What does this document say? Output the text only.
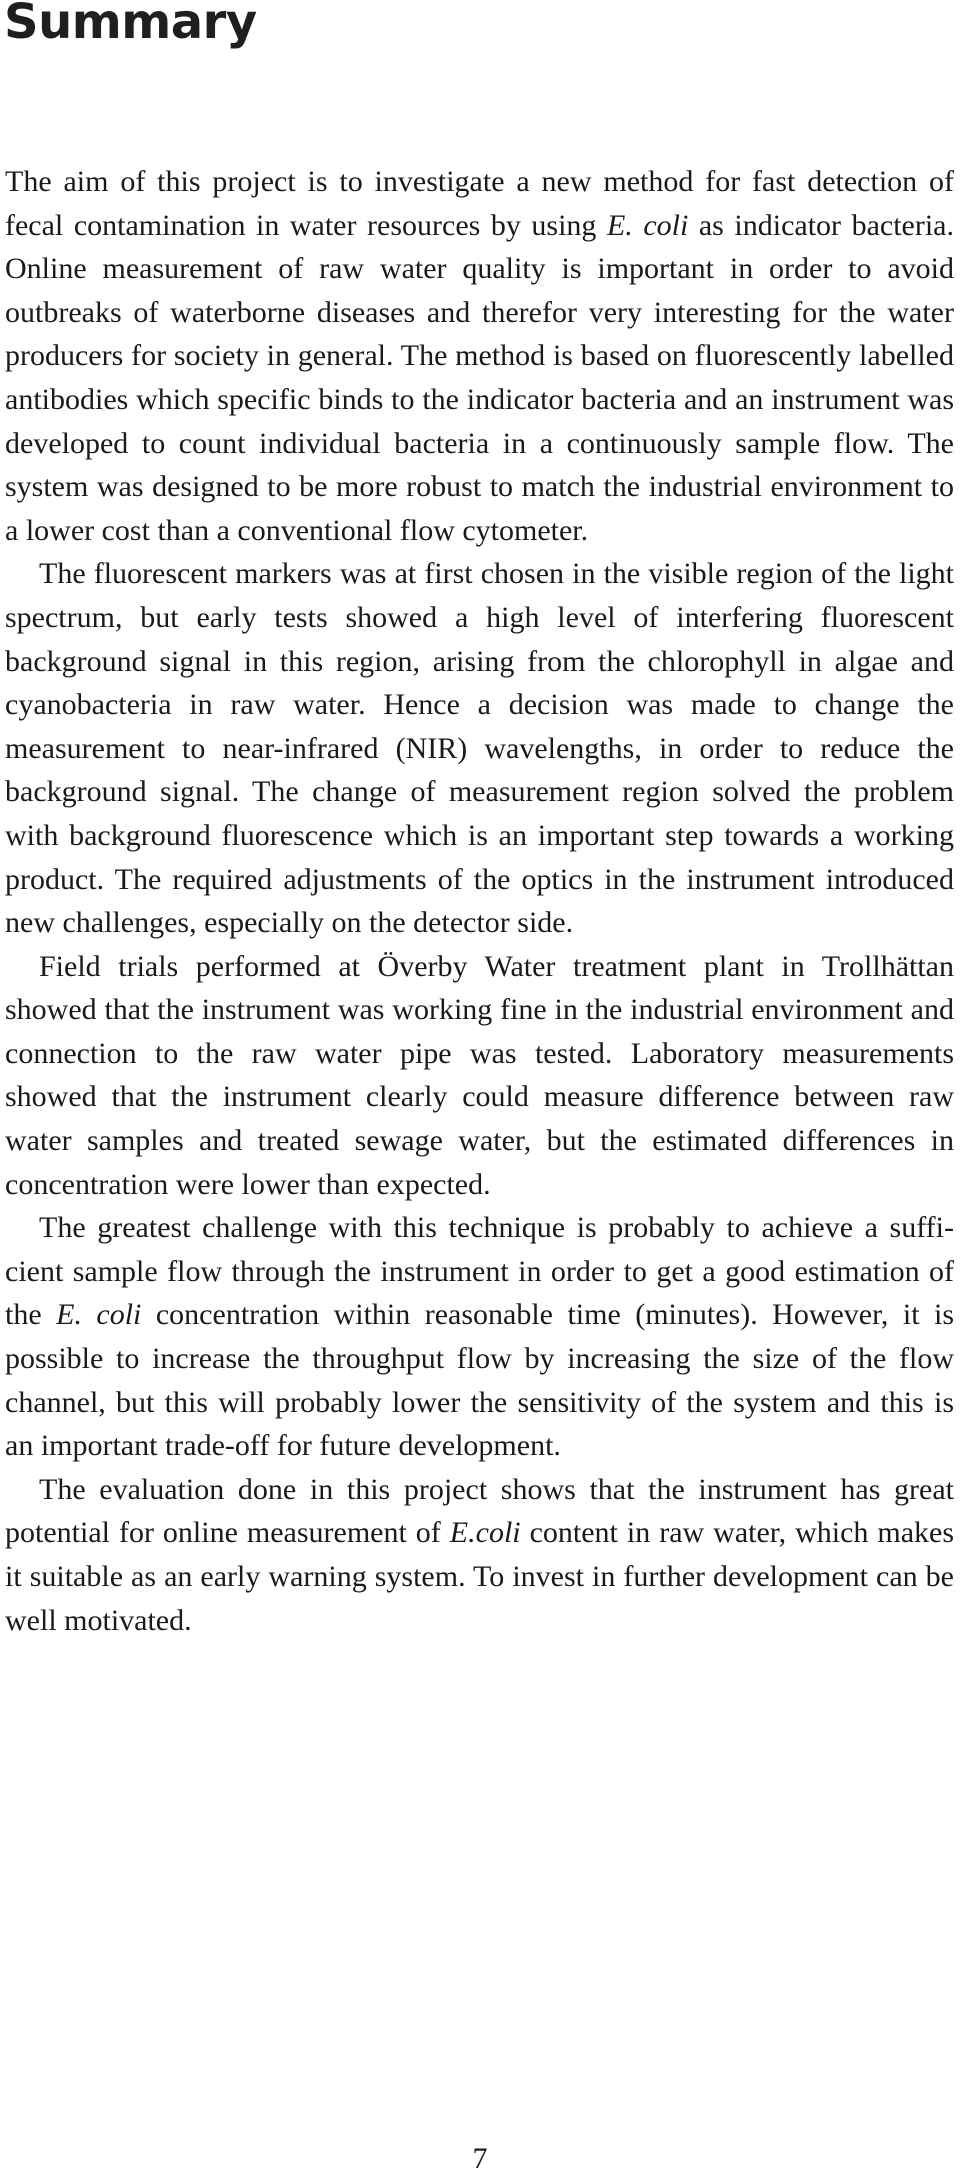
Summary

The aim of this project is to investigate a new method for fast detection of fecal contamination in water resources by using E. coli as indicator bacteria. Online measurement of raw water quality is important in order to avoid outbreaks of waterborne diseases and therefor very interesting for the water producers for society in general. The method is based on fluorescently labelled antibodies which specific binds to the indicator bacteria and an instrument was developed to count individual bacteria in a continuously sample flow. The system was designed to be more robust to match the industrial environment to a lower cost than a conventional flow cytometer.

The fluorescent markers was at first chosen in the visible region of the light spectrum, but early tests showed a high level of interfering fluorescent background signal in this region, arising from the chlorophyll in algae and cyanobacteria in raw water. Hence a decision was made to change the measurement to near-infrared (NIR) wavelengths, in order to reduce the background signal. The change of measurement region solved the problem with background fluorescence which is an important step towards a working product. The required adjustments of the optics in the instrument introduced new challenges, especially on the detector side.

Field trials performed at Överby Water treatment plant in Trollhättan showed that the instrument was working fine in the industrial environment and connection to the raw water pipe was tested. Laboratory measurements showed that the instrument clearly could measure difference between raw water samples and treated sewage water, but the estimated differences in concentration were lower than expected.

The greatest challenge with this technique is probably to achieve a sufficient sample flow through the instrument in order to get a good estimation of the E. coli concentration within reasonable time (minutes). However, it is possible to increase the throughput flow by increasing the size of the flow channel, but this will probably lower the sensitivity of the system and this is an important trade-off for future development.

The evaluation done in this project shows that the instrument has great potential for online measurement of E.coli content in raw water, which makes it suitable as an early warning system. To invest in further development can be well motivated.

7
